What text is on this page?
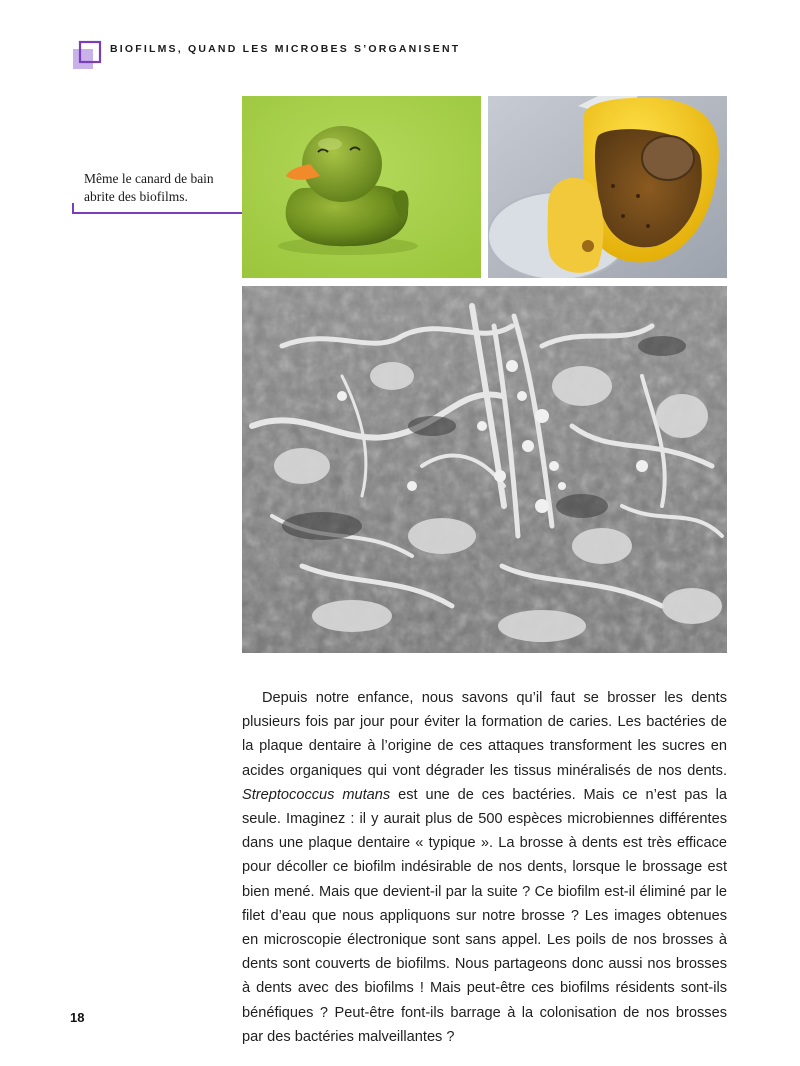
BIOFILMS, QUAND LES MICROBES S’ORGANISENT
Même le canard de bain
abrite des biofilms.

Depuis notre enfance, nous savons qu’il faut se brosser les dents plusieurs fois par jour pour éviter la formation de caries. Les bactéries de la plaque dentaire à l’origine de ces attaques transforment les sucres en acides organiques qui vont dégrader les tissus minéralisés de nos dents. Streptococcus mutans est une de ces bactéries. Mais ce n’est pas la seule. Imaginez : il y aurait plus de 500 espèces microbiennes différentes dans une plaque dentaire « typique ». La brosse à dents est très efficace pour décoller ce biofilm indésirable de nos dents, lorsque le brossage est bien mené. Mais que devient-il par la suite ? Ce biofilm est-il éliminé par le filet d’eau que nous appliquons sur notre brosse ? Les images obtenues en microscopie électronique sont sans appel. Les poils de nos brosses à dents sont couverts de biofilms. Nous partageons donc aussi nos brosses à dents avec des biofilms ! Mais peut-être ces biofilms résidents sont-ils bénéfiques ? Peut-être font-ils barrage à la colonisation de nos brosses par des bactéries malveillantes ?

18
